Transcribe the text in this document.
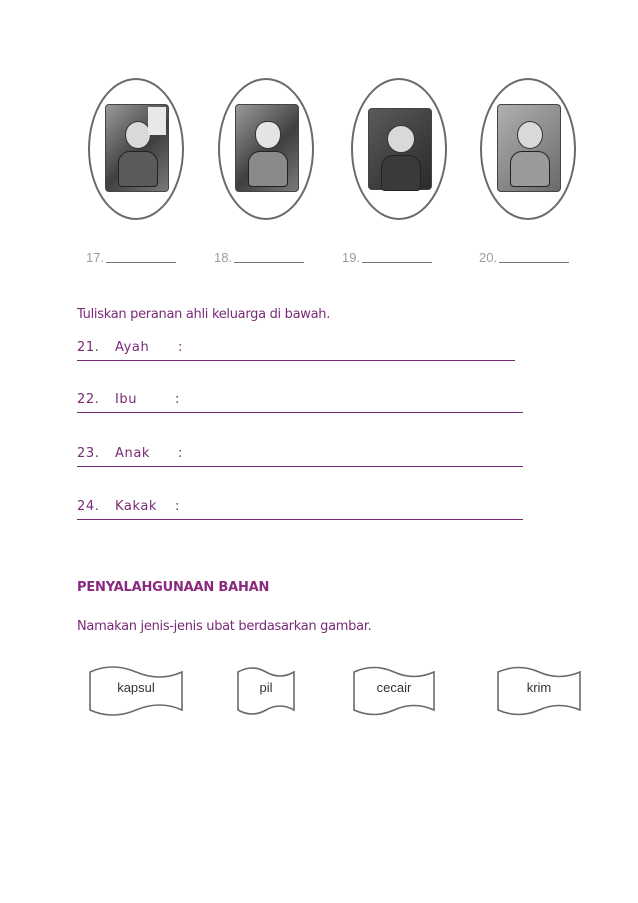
17.	18.	19.	20.
Tuliskan peranan ahli keluarga di bawah.
21. Ayah :
22. Ibu	:
23. Anak :
24. Kakak :
PENYALAHGUNAAN BAHAN
Namakan jenis-jenis ubat berdasarkan gambar.
kapsul	pil	cecair	krim
